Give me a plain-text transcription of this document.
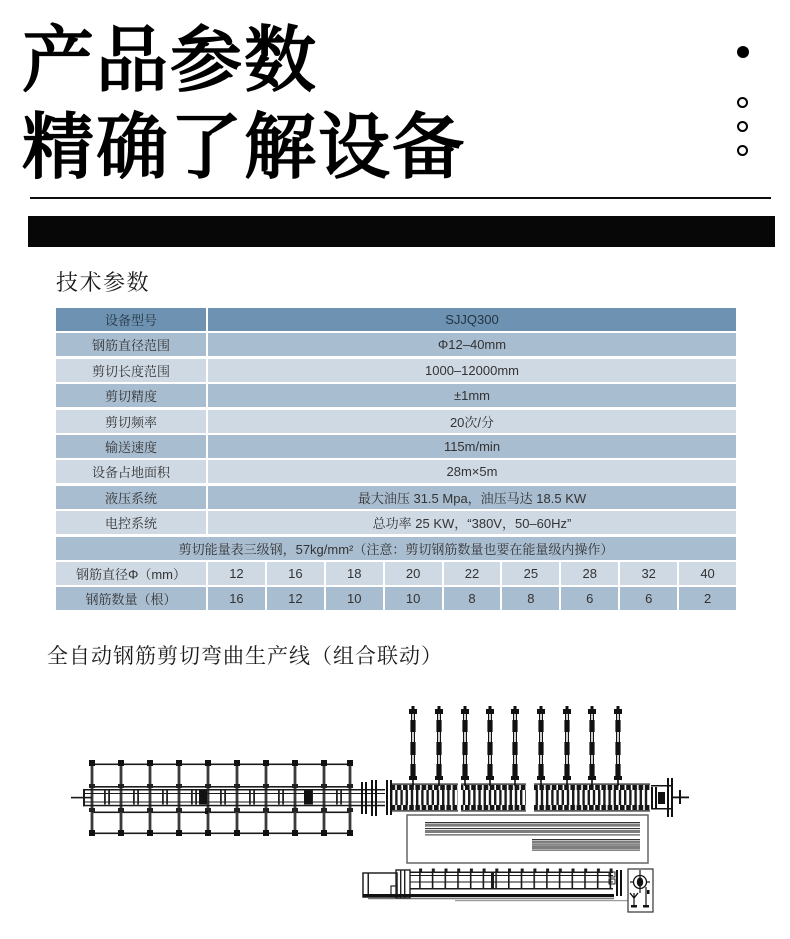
产品参数
精确了解设备
技术参数
设备型号	SJJQ300
钢筋直径范围	Φ12–40mm
剪切长度范围	1000–12000mm
剪切精度	±1mm
剪切频率	20次/分
输送速度	115m/min
设备占地面积	28m×5m
液压系统	最大油压 31.5 Mpa，油压马达 18.5 KW
电控系统	总功率 25 KW，“380V，50–60Hz”
剪切能量表三级钢，57kg/mm²（注意：剪切钢筋数量也要在能量级内操作）
钢筋直径Φ（mm）	12	16	18	20	22	25	28	32	40
钢筋数量（根）	16	12	10	10	8	8	6	6	2
全自动钢筋剪切弯曲生产线（组合联动）
